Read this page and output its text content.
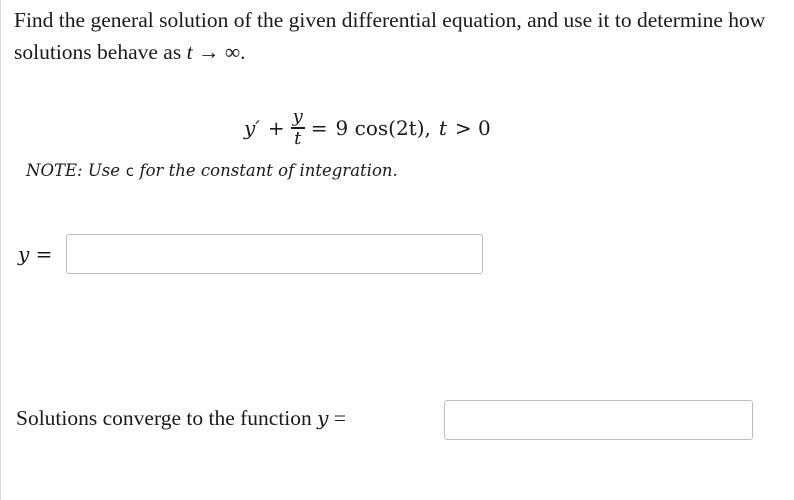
Find the general solution of the given differential equation, and use it to determine how solutions behave as t → ∞.
$y' + \frac{y}{t} = 9$ cos(2t), t > 0
NOTE: Use c for the constant of integration.
y =
Solutions converge to the function y =
